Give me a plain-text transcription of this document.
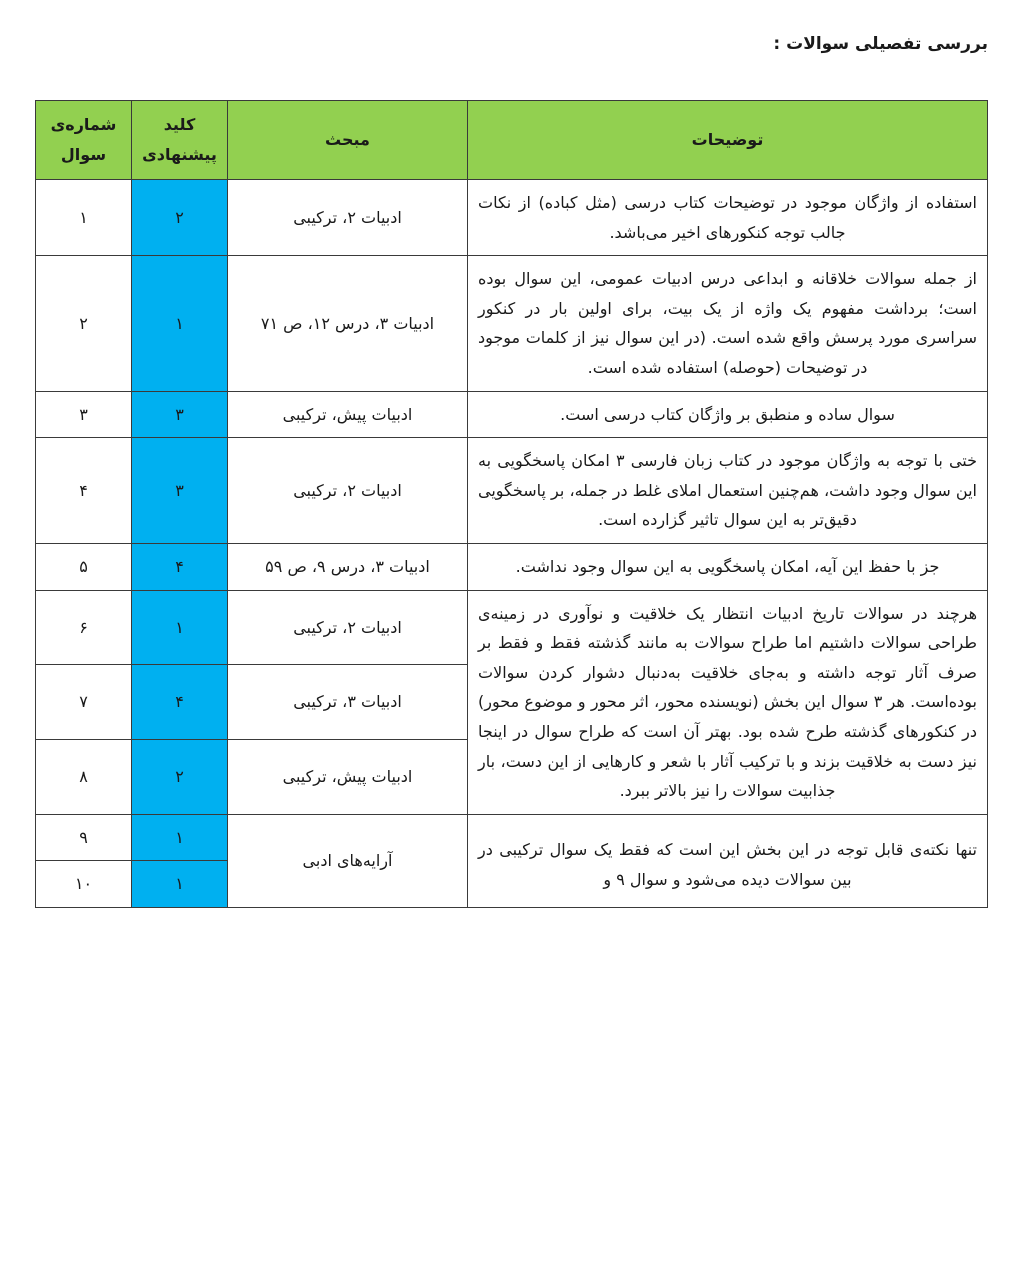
بررسی تفصیلی سوالات :
توضیحات	مبحث	کلید پیشنهادی	شماره‌ی سوال
استفاده از واژگان موجود در توضیحات کتاب درسی (مثل کباده) از نکات جالب توجه کنکورهای اخیر می‌باشد.	ادبیات ۲، ترکیبی	۲	۱
از جمله سوالات خلاقانه و ابداعی درس ادبیات عمومی، این سوال بوده است؛ برداشت مفهوم یک واژه از یک بیت، برای اولین بار در کنکور سراسری مورد پرسش واقع شده است. (در این سوال نیز از کلمات موجود در توضیحات (حوصله) استفاده شده است.	ادبیات ۳، درس ۱۲، ص ۷۱	۱	۲
سوال ساده و منطبق بر واژگان کتاب درسی است.	ادبیات پیش، ترکیبی	۳	۳
ختی با توجه به واژگان موجود در کتاب زبان فارسی ۳ امکان پاسخگویی به این سوال وجود داشت، هم‌چنین استعمال املای غلط در جمله، بر پاسخگویی دقیق‌تر به این سوال تاثیر گزارده است.	ادبیات ۲، ترکیبی	۳	۴
جز با حفظ این آیه، امکان پاسخگویی به این سوال وجود نداشت.	ادبیات ۳، درس ۹، ص ۵۹	۴	۵
هرچند در سوالات تاریخ ادبیات انتظار یک خلاقیت و نوآوری در زمینه‌ی طراحی سوالات داشتیم اما طراح سوالات به مانند گذشته فقط و فقط بر صرف آثار توجه داشته و به‌جای خلاقیت به‌دنبال دشوار کردن سوالات بوده‌است. هر ۳ سوال این بخش (نویسنده محور، اثر محور و موضوع محور) در کنکورهای گذشته طرح شده بود. بهتر آن است که طراح سوال در اینجا نیز دست به خلاقیت بزند و با ترکیب آثار با شعر و کارهایی از این دست، بار جذابیت سوالات را نیز بالاتر ببرد.	ادبیات ۲، ترکیبی	۱	۶
	ادبیات ۳، ترکیبی	۴	۷
	ادبیات پیش، ترکیبی	۲	۸
تنها نکته‌ی قابل توجه در این بخش این است که فقط یک سوال ترکیبی در بین سوالات دیده می‌شود و سوال ۹ و	آرایه‌های ادبی	۱	۹
		۱	۱۰
